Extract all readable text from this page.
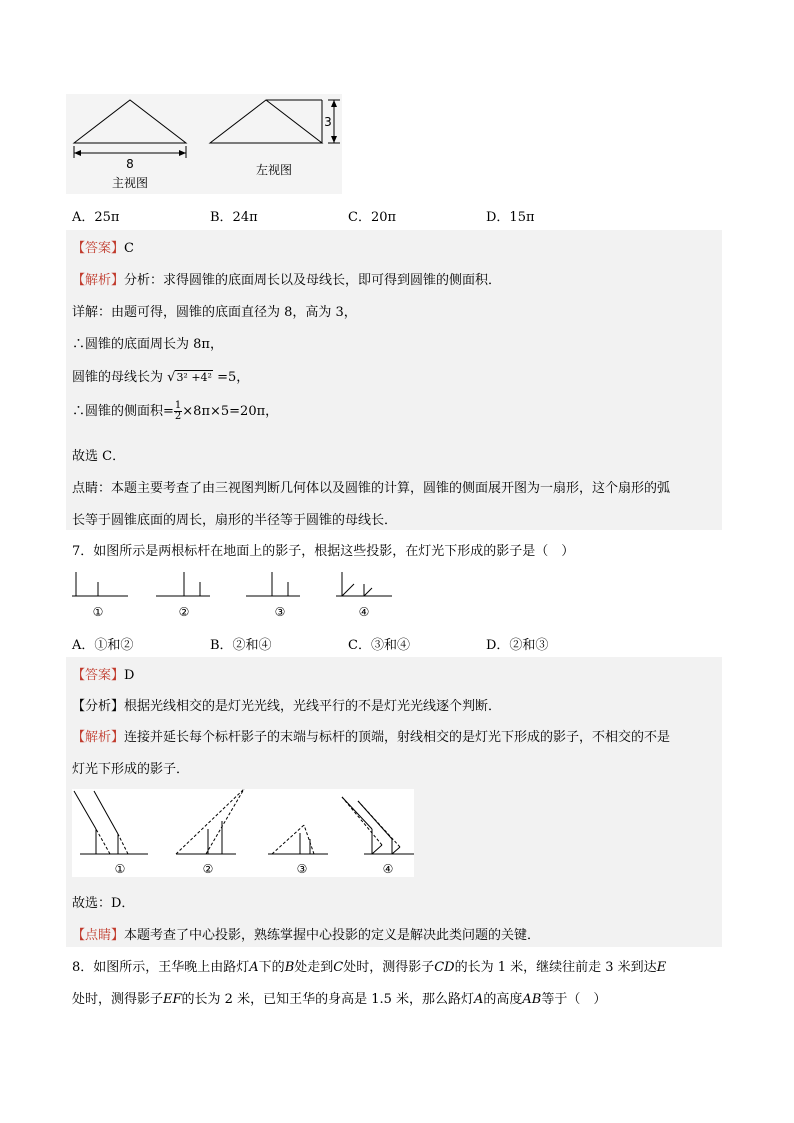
8
主视图
3
左视图
A．25π	B．24π	C．20π	D．15π
【答案】C
【解析】分析：求得圆锥的底面周长以及母线长，即可得到圆锥的侧面积．
详解：由题可得，圆锥的底面直径为 8，高为 3，
∴圆锥的底面周长为 8π，
圆锥的母线长为 √3² +4² =5，
∴圆锥的侧面积= $\frac{1}{2} \times 8\pi\times 5=20\pi$，
故选 C．
点睛：本题主要考查了由三视图判断几何体以及圆锥的计算，圆锥的侧面展开图为一扇形，这个扇形的弧
长等于圆锥底面的周长，扇形的半径等于圆锥的母线长．
7．如图所示是两根标杆在地面上的影子，根据这些投影，在灯光下形成的影子是（　）
①	②	③	④
A．①和②	B．②和④	C．③和④	D．②和③
【答案】D
【分析】根据光线相交的是灯光光线，光线平行的不是灯光光线逐个判断．
【解析】连接并延长每个标杆影子的末端与标杆的顶端，射线相交的是灯光下形成的影子，不相交的不是
灯光下形成的影子．
①	②	③	④
故选：D．
【点睛】本题考查了中心投影，熟练掌握中心投影的定义是解决此类问题的关键．
8．如图所示，王华晚上由路灯A下的B处走到C处时，测得影子CD的长为 1 米，继续往前走 3 米到达E
处时，测得影子EF的长为 2 米，已知王华的身高是 1.5 米，那么路灯A的高度AB等于（　）
